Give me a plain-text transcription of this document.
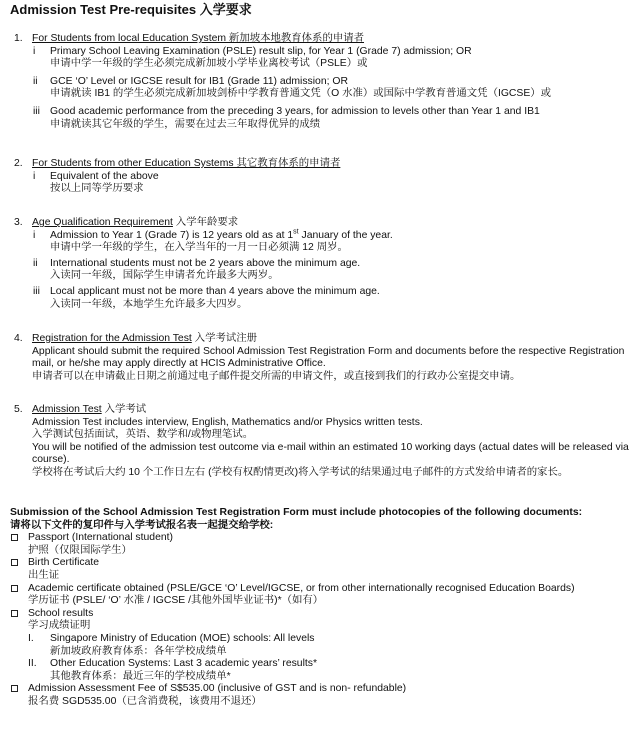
Admission Test Pre-requisites 入学要求
1. For Students from local Education System 新加坡本地教育体系的申请者
i Primary School Leaving Examination (PSLE) result slip, for Year 1 (Grade 7) admission; OR
申请中学一年级的学生必须完成新加坡小学毕业离校考试（PSLE）或
ii GCE ‘O’ Level or IGCSE result for IB1 (Grade 11) admission; OR
申请就读 IB1 的学生必须完成新加坡剑桥中学教育普通文凭（O 水准）或国际中学教育普通文凭（IGCSE）或
iii Good academic performance from the preceding 3 years, for admission to levels other than Year 1 and IB1
申请就读其它年级的学生，需要在过去三年取得优异的成绩
2. For Students from other Education Systems 其它教育体系的申请者
i Equivalent of the above
按以上同等学历要求
3. Age Qualification Requirement 入学年龄要求
i Admission to Year 1 (Grade 7) is 12 years old as at 1st January of the year.
申请中学一年级的学生，在入学当年的一月一日必须满 12 周岁。
ii International students must not be 2 years above the minimum age.
入读同一年级，国际学生申请者允许最多大两岁。
iii Local applicant must not be more than 4 years above the minimum age.
入读同一年级，本地学生允许最多大四岁。
4. Registration for the Admission Test 入学考试注册
Applicant should submit the required School Admission Test Registration Form and documents before the respective Registration
mail, or he/she may apply directly at HCIS Administrative Office.
申请者可以在申请截止日期之前通过电子邮件提交所需的申请文件，或直接到我们的行政办公室提交申请。
5. Admission Test 入学考试
Admission Test includes interview, English, Mathematics and/or Physics written tests.
入学测试包括面试，英语、数学和/或物理笔试。
You will be notified of the admission test outcome via e-mail within an estimated 10 working days (actual dates will be released via
course).
学校将在考试后大约 10 个工作日左右 (学校有权酌情更改)将入学考试的结果通过电子邮件的方式发给申请者的家长。
Submission of the School Admission Test Registration Form must include photocopies of the following documents:
请将以下文件的复印件与入学考试报名表一起提交给学校:
Passport (International student)
护照（仅限国际学生）
Birth Certificate
出生证
Academic certificate obtained (PSLE/GCE ‘O’ Level/IGCSE, or from other internationally recognised Education Boards)
学历证书 (PSLE/ ‘O’ 水准 / IGCSE /其他外国毕业证书)*（如有）
School results
学习成绩证明
I. Singapore Ministry of Education (MOE) schools: All levels
新加坡政府教育体系：各年学校成绩单
II. Other Education Systems: Last 3 academic years’ results*
其他教育体系：最近三年的学校成绩单*
Admission Assessment Fee of S$535.00 (inclusive of GST and is non- refundable)
报名费 SGD535.00（已含消费税，该费用不退还）
